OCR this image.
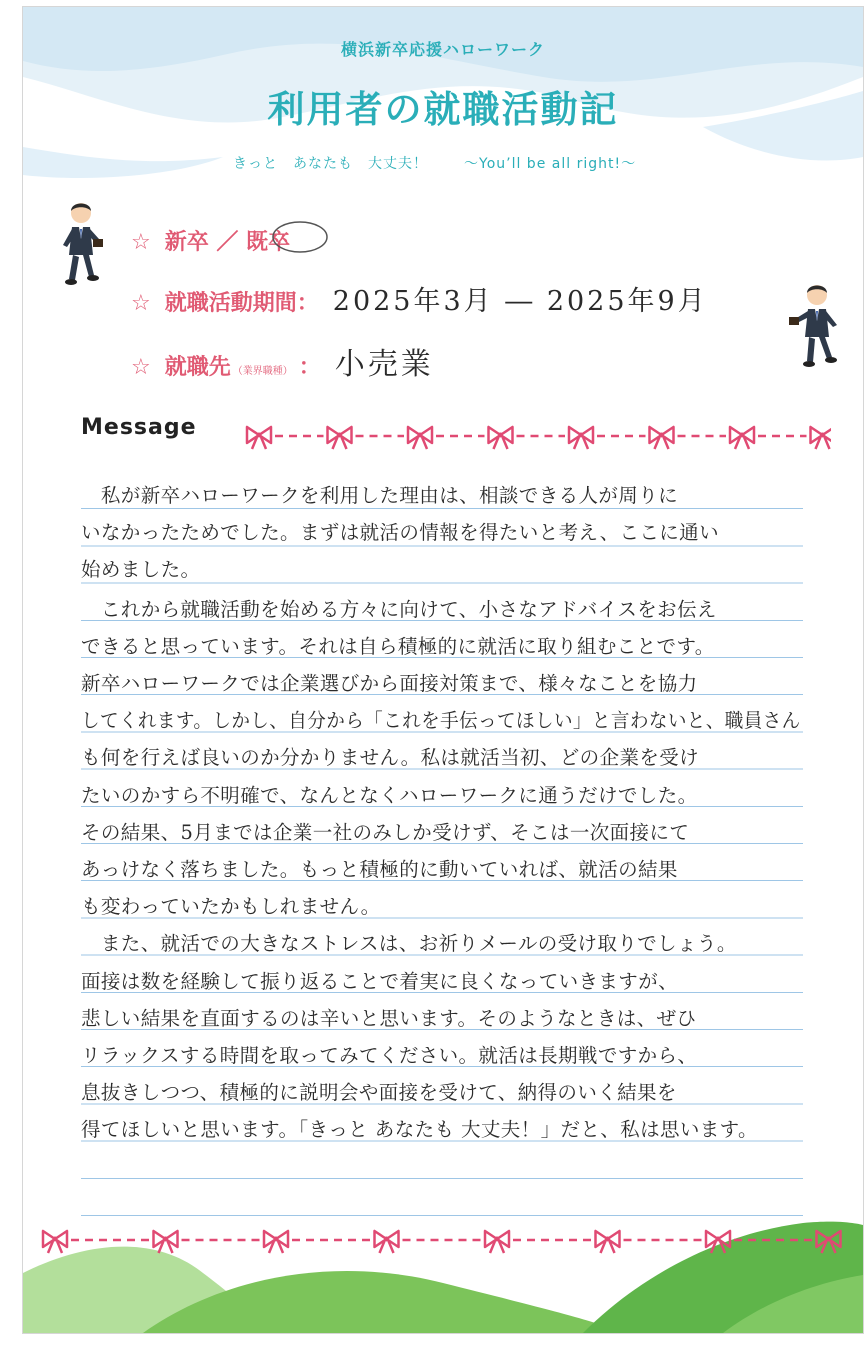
横浜新卒応援ハローワーク
利用者の就職活動記
きっと　あなたも　大丈夫！	〜You’ll be all right!〜
☆ 新卒 ／ 既卒
☆ 就職活動期間 ： 2025年3月 ― 2025年9月
☆ 就職先 （業界職種） ： 小売業
Message
　私が新卒ハローワークを利用した理由は、相談できる人が周りに
いなかったためでした。まずは就活の情報を得たいと考え、ここに通い
始めました。
　これから就職活動を始める方々に向けて、小さなアドバイスをお伝え
できると思っています。それは自ら積極的に就活に取り組むことです。
新卒ハローワークでは企業選びから面接対策まで、様々なことを協力
してくれます。しかし、自分から「これを手伝ってほしい」と言わないと、職員さん
も何を行えば良いのか分かりません。私は就活当初、どの企業を受け
たいのかすら不明確で、なんとなくハローワークに通うだけでした。
その結果、5月までは企業一社のみしか受けず、そこは一次面接にて
あっけなく落ちました。もっと積極的に動いていれば、就活の結果
も変わっていたかもしれません。
　また、就活での大きなストレスは、お祈りメールの受け取りでしょう。
面接は数を経験して振り返ることで着実に良くなっていきますが、
悲しい結果を直面するのは辛いと思います。そのようなときは、ぜひ
リラックスする時間を取ってみてください。就活は長期戦ですから、
息抜きしつつ、積極的に説明会や面接を受けて、納得のいく結果を
得てほしいと思います。「きっと あなたも 大丈夫！」だと、私は思います。
